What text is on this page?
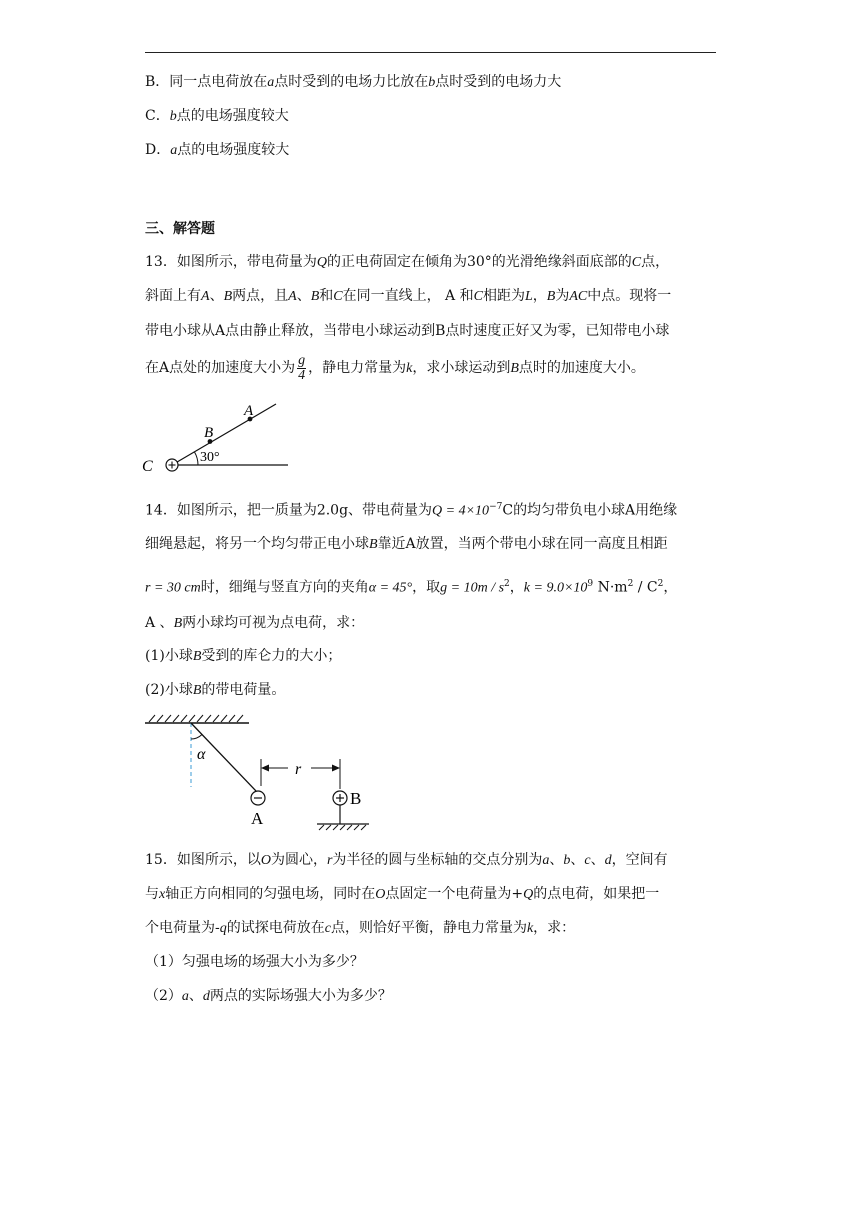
B．同一点电荷放在a点时受到的电场力比放在b点时受到的电场力大
C．b点的电场强度较大
D．a点的电场强度较大
三、解答题
13．如图所示，带电荷量为Q的正电荷固定在倾角为30°的光滑绝缘斜面底部的C点，
斜面上有A、B两点，且A、B和C在同一直线上， A 和C相距为L，B为AC中点。现将一
带电小球从A点由静止释放，当带电小球运动到B点时速度正好又为零，已知带电小球
在A点处的加速度大小为 $\frac{g}{4}$ ，静电力常量为k，求小球运动到B点时的加速度大小。
C
B
A
30°
14．如图所示，把一质量为2.0g、带电荷量为$Q = 4\times 10^{-7}C$的均匀带负电小球A用绝缘
细绳悬起，将另一个均匀带正电小球B靠近A放置，当两个带电小球在同一高度且相距
r = 30 cm时，细绳与竖直方向的夹角α = 45°，取$g = 10m / s^2$，$k = 9.0\times 10^9$ $N\cdot m^2 / C^2$，
A 、B两小球均可视为点电荷，求：
(1)小球B受到的库仑力的大小；
(2)小球B的带电荷量。
α
A
r
B
15．如图所示，以O为圆心，r为半径的圆与坐标轴的交点分别为a、b、c、d，空间有
与x轴正方向相同的匀强电场，同时在O点固定一个电荷量为+Q的点电荷，如果把一
个电荷量为-q的试探电荷放在c点，则恰好平衡，静电力常量为k，求：
（1）匀强电场的场强大小为多少？
（2）a、d两点的实际场强大小为多少？
